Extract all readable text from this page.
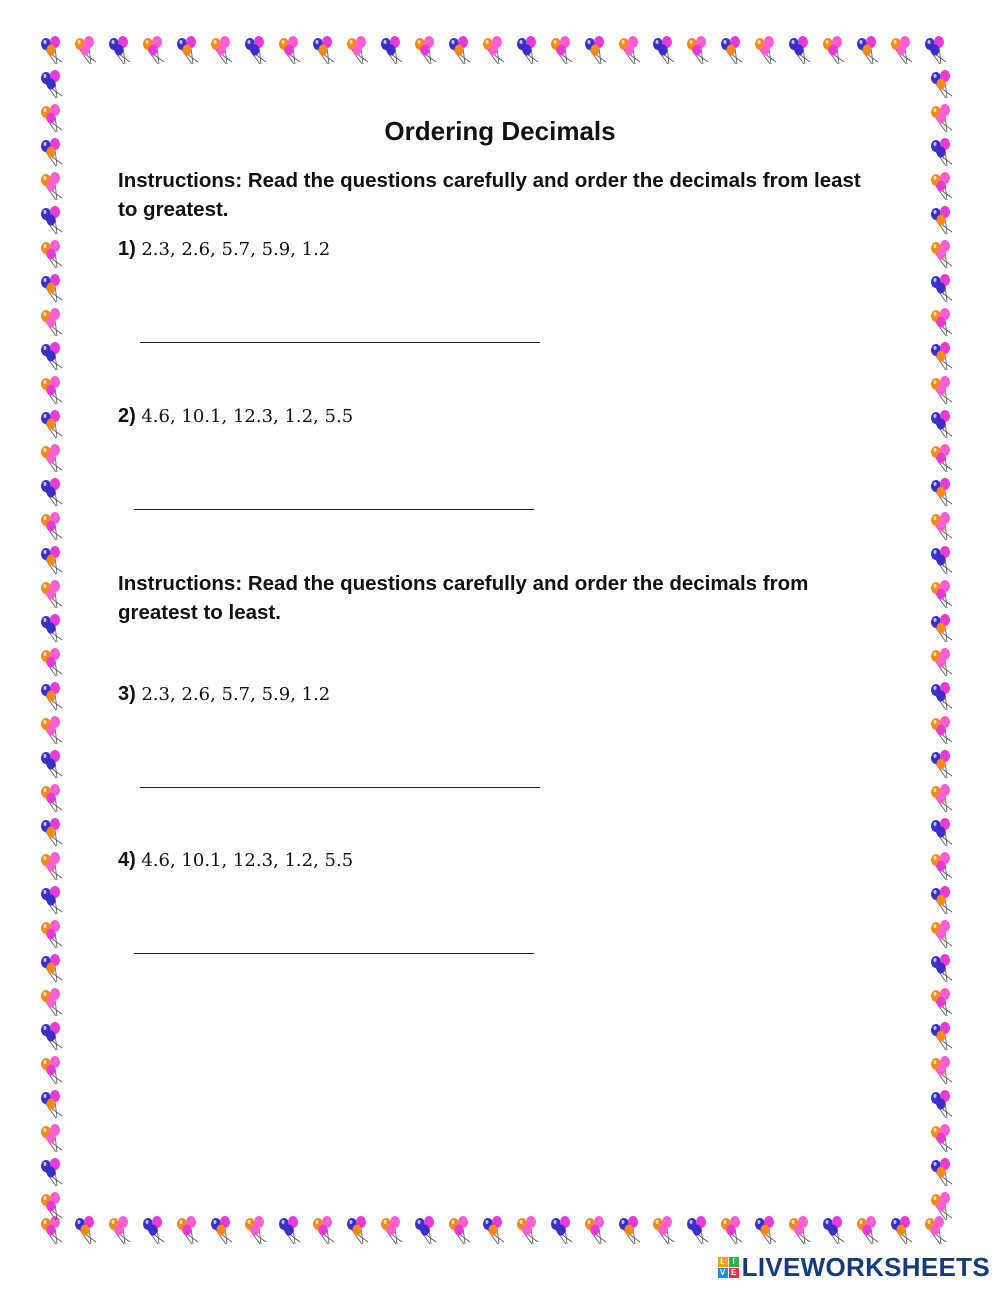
Ordering Decimals
Instructions: Read the questions carefully and order the decimals from least to greatest.
1) 2.3, 2.6, 5.7, 5.9, 1.2
2) 4.6, 10.1, 12.3, 1.2, 5.5
Instructions: Read the questions carefully and order the decimals from greatest to least.
3) 2.3, 2.6, 5.7, 5.9, 1.2
4) 4.6, 10.1, 12.3, 1.2, 5.5
L I
V E LIVEWORKSHEETS
